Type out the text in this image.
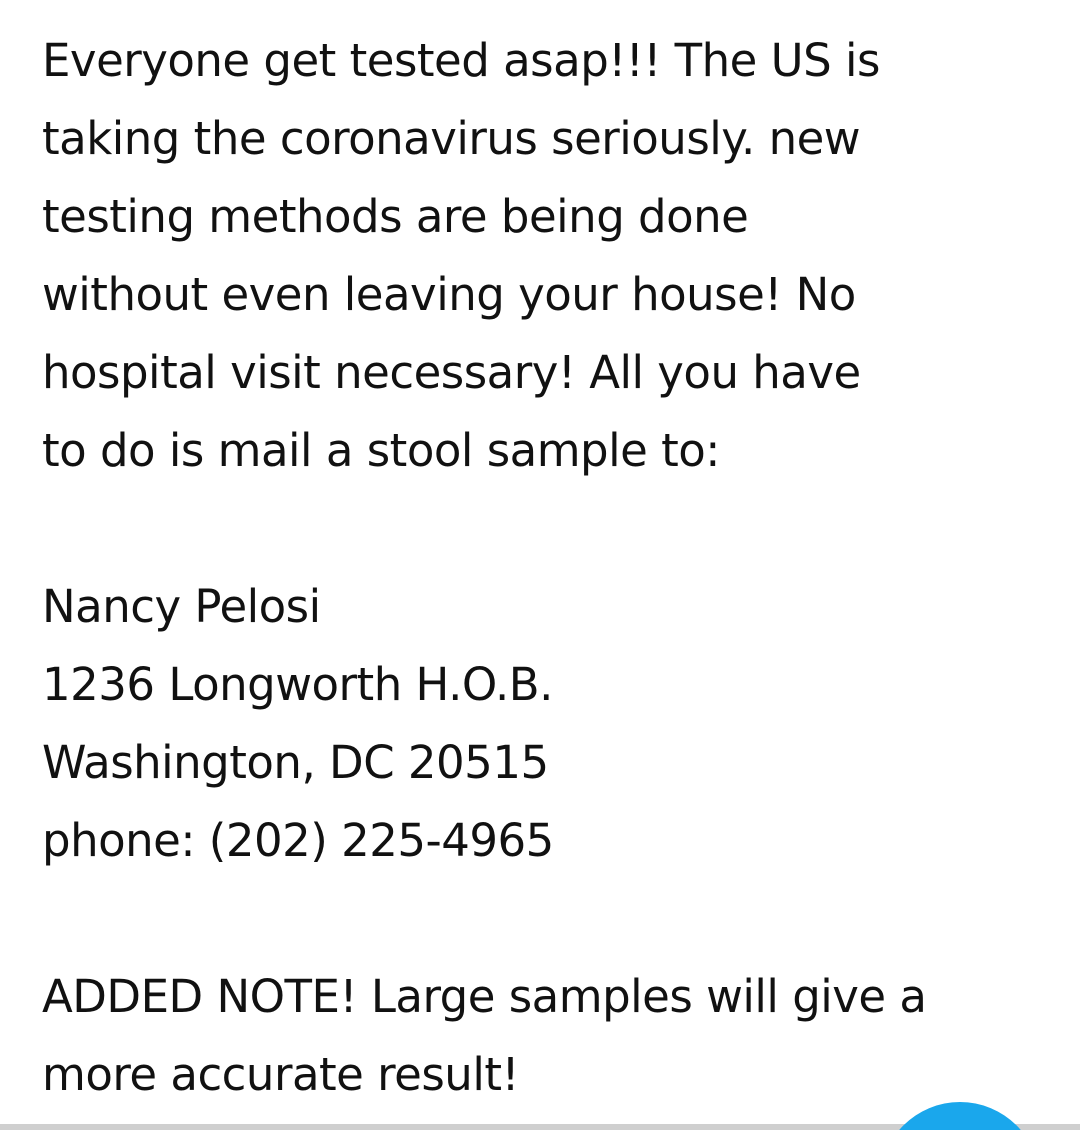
Everyone get tested asap!!! The US is
taking the coronavirus seriously. new
testing methods are being done
without even leaving your house! No
hospital visit necessary! All you have
to do is mail a stool sample to:
Nancy Pelosi
1236 Longworth H.O.B.
Washington, DC 20515
phone: (202) 225-4965
ADDED NOTE! Large samples will give a
more accurate result!
